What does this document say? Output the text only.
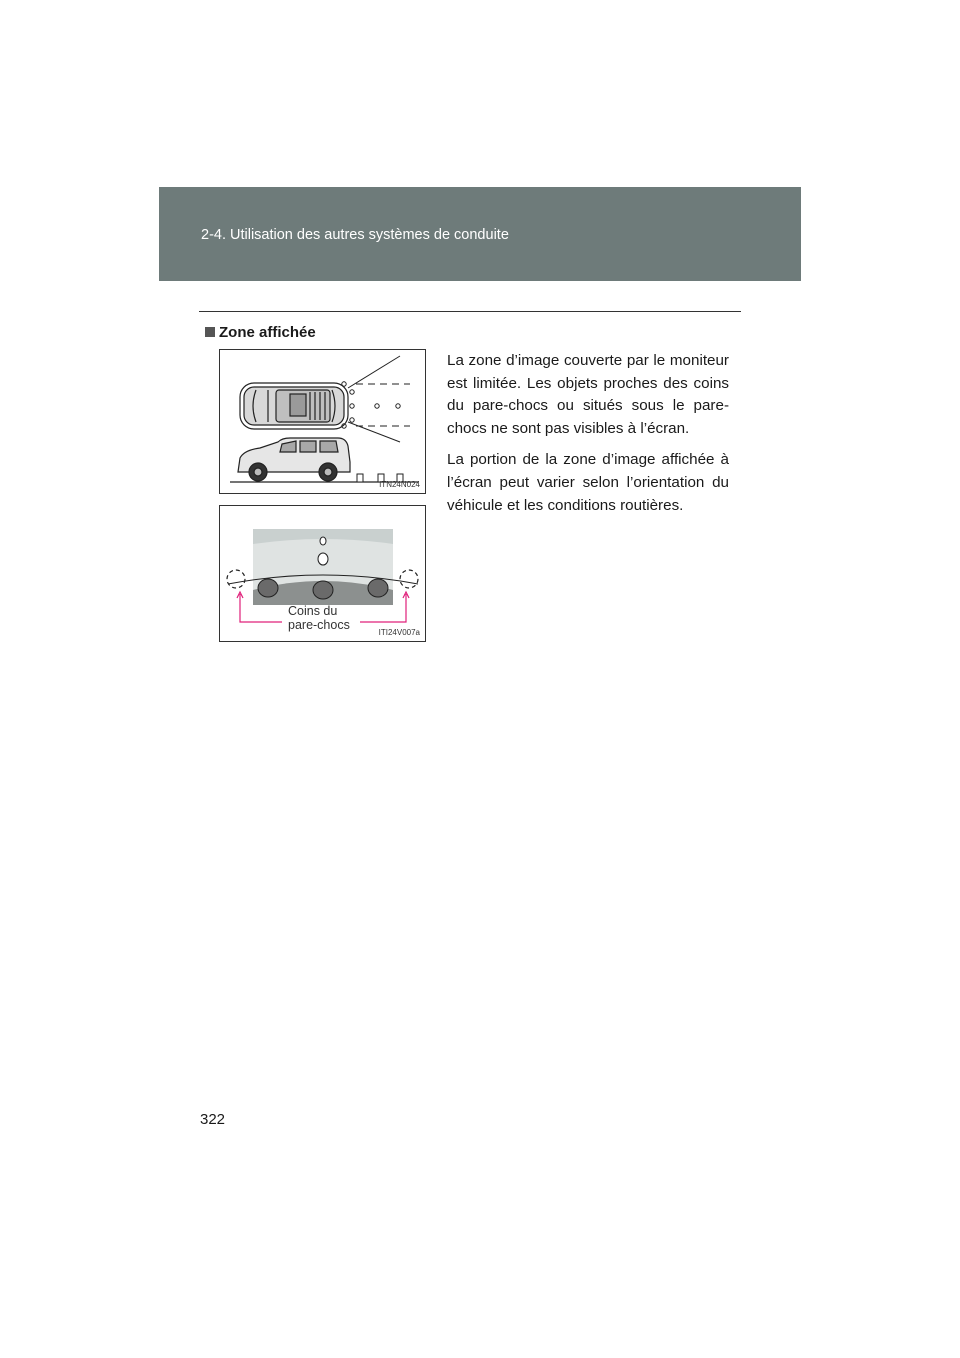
2-4. Utilisation des autres systèmes de conduite
Zone affichée

La zone d’image couverte par le moniteur est limitée. Les objets proches des coins du pare-chocs ou situés sous le pare-chocs ne sont pas visibles à l’écran.

La portion de la zone d’image affichée à l’écran peut varier selon l’orientation du véhicule et les conditions routières.

ITN24N024
Coins du
pare-chocs
ITI24V007a
322
